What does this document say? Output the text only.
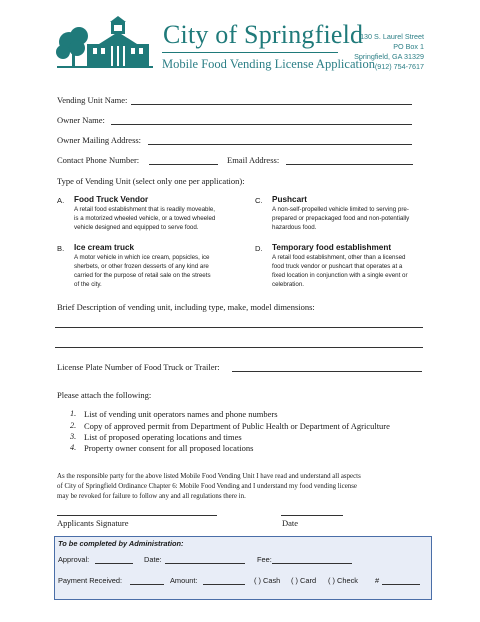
City of Springfield
Mobile Food Vending License Application
130 S. Laurel Street
PO Box 1
Springfield, GA 31329
(912) 754-7617
Vending Unit Name:
Owner Name:
Owner Mailing Address:
Contact Phone Number:	Email Address:
Type of Vending Unit (select only one per application):
A. Food Truck Vendor
A retail food establishment that is readily moveable,
is a motorized wheeled vehicle, or a towed wheeled
vehicle designed and equipped to serve food.
C. Pushcart
A non-self-propelled vehicle limited to serving pre-
prepared or prepackaged food and non-potentially
hazardous food.
B. Ice cream truck
A motor vehicle in which ice cream, popsicles, ice
sherbets, or other frozen desserts of any kind are
carried for the purpose of retail sale on the streets
of the city.
D. Temporary food establishment
A retail food establishment, other than a licensed
food truck vendor or pushcart that operates at a
fixed location in conjunction with a single event or
celebration.
Brief Description of vending unit, including type, make, model dimensions:
License Plate Number of Food Truck or Trailer:
Please attach the following:
1. List of vending unit operators names and phone numbers
2. Copy of approved permit from Department of Public Health or Department of Agriculture
3. List of proposed operating locations and times
4. Property owner consent for all proposed locations
As the responsible party for the above listed Mobile Food Vending Unit I have read and understand all aspects
of City of Springfield Ordinance Chapter 6: Mobile Food Vending and I understand my food vending license
may be revoked for failure to follow any and all regulations there in.
Applicants Signature	Date
To be completed by Administration:
Approval:	Date:	Fee:
Payment Received:	Amount:	( ) Cash ( ) Card ( ) Check #
